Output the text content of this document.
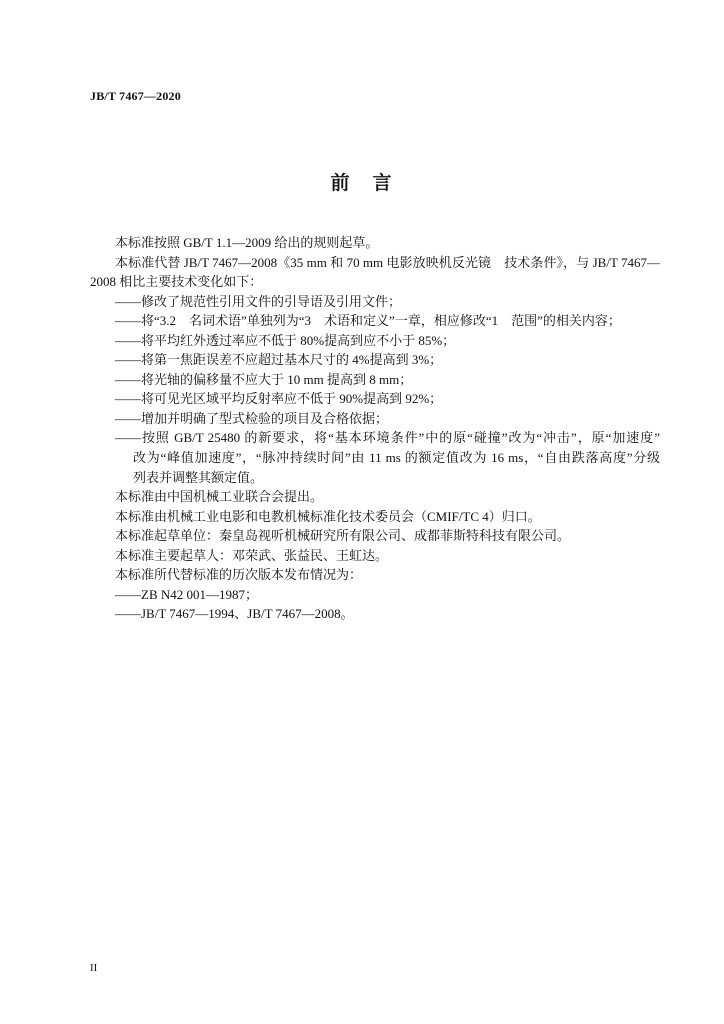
JB/T 7467—2020
前　言
本标准按照 GB/T 1.1—2009 给出的规则起草。
本标准代替 JB/T 7467—2008《35 mm 和 70 mm 电影放映机反光镜　技术条件》，与 JB/T 7467—
2008 相比主要技术变化如下：
——修改了规范性引用文件的引导语及引用文件；
——将“3.2　名词术语”单独列为“3　术语和定义”一章，相应修改“1　范围”的相关内容；
——将平均红外透过率应不低于 80%提高到应不小于 85%；
——将第一焦距误差不应超过基本尺寸的 4%提高到 3%；
——将光轴的偏移量不应大于 10 mm 提高到 8 mm；
——将可见光区域平均反射率应不低于 90%提高到 92%；
——增加并明确了型式检验的项目及合格依据；
——按照 GB/T 25480 的新要求，将“基本环境条件”中的原“碰撞”改为“冲击”，原“加速度”
改为“峰值加速度”，“脉冲持续时间”由 11 ms 的额定值改为 16 ms，“自由跌落高度”分级
列表并调整其额定值。
本标准由中国机械工业联合会提出。
本标准由机械工业电影和电教机械标准化技术委员会（CMIF/TC 4）归口。
本标准起草单位：秦皇岛视听机械研究所有限公司、成都菲斯特科技有限公司。
本标准主要起草人：邓荣武、张益民、王虹达。
本标准所代替标准的历次版本发布情况为：
——ZB N42 001—1987；
——JB/T 7467—1994、JB/T 7467—2008。
II
